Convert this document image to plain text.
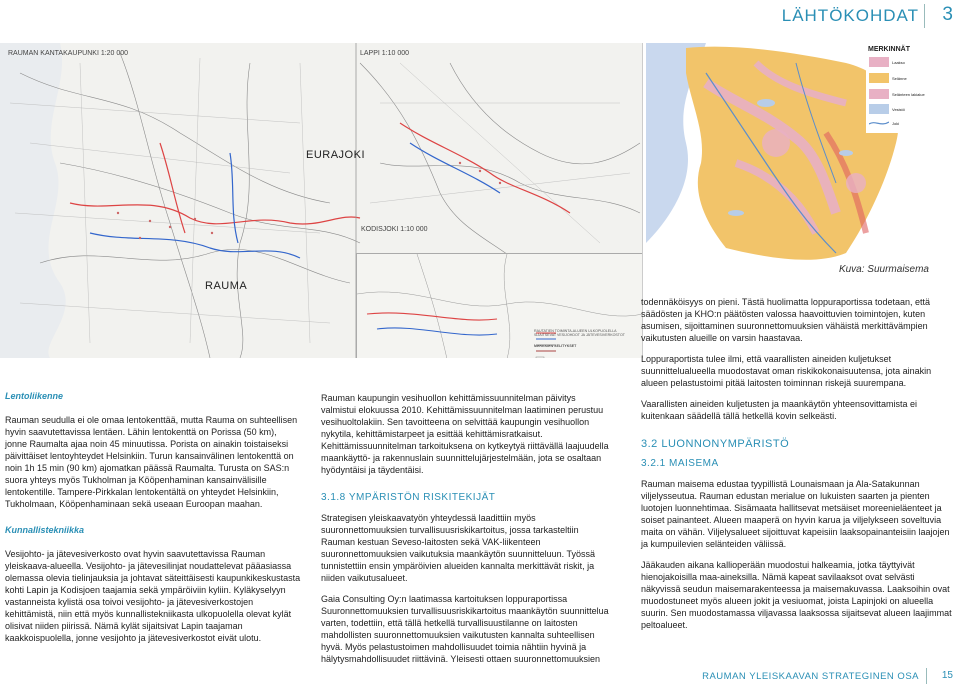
LÄHTÖKOHDAT 3
RAUMAN KANTAKAUPUNKI 1:20 000	LAPPI 1:10 000
EURAJOKI
KODISJOKI 1:10 000
RAUMA
RAUTATIEN TOIMINTA-ALUEEN ULKOPUOLELLA SIJAITSEVAT VESIJOHDOT JA JÄTEVESIVERKOSTOT
MERKKIEN SELITYKSET
MERKINNÄT
Laakso
Selänne
Selänteen lakialue
Vesistö
Joki
Kuva: Suurmaisema
Lentoliikenne

Rauman seudulla ei ole omaa lentokenttää, mutta Rauma on suhteellisen hyvin saavutettavissa lentäen. Lähin lentokenttä on Porissa (50 km), jonne Raumalta ajaa noin 45 minuutissa. Porista on ainakin toistaiseksi päivittäiset lentoyhteydet Helsinkiin. Turun kansainvälinen lentokenttä on noin 1h 15 min (90 km) ajomatkan päässä Raumalta. Turusta on SAS:n suora yhteys myös Tukholman ja Kööpenhaminan kansainvälisille lentokentille. Tampere-Pirkkalan lentokentältä on yhteydet Helsinkiin, Tukholmaan, Kööpenhaminaan sekä useaan Euroopan maahan.

Kunnallistekniikka

Vesijohto- ja jätevesiverkosto ovat hyvin saavutettavissa Rauman yleiskaava-alueella. Vesijohto- ja jätevesilinjat noudattelevat pääasiassa olemassa olevia tielinjauksia ja johtavat säteittäisesti kaupunkikeskustasta kohti Lapin ja Kodisjoen taajamia sekä ympäröiviin kyliin. Kyläkyselyyn vastanneista kylistä osa toivoi vesijohto- ja jätevesiverkostojen kehittämistä, niin että myös kunnallistekniikasta ulkopuolella olevat kylät olisivat niiden piirissä. Nämä kylät sijaitsivat Lapin taajaman kaakkoispuolella, jonne vesijohto ja jätevesiverkostot eivät ulotu.

Rauman kaupungin vesihuollon kehittämissuunnitelman päivitys valmistui elokuussa 2010. Kehittämissuunnitelman laatiminen perustuu vesihuoltolakiin. Sen tavoitteena on selvittää kaupungin vesihuollon nykytila, kehittämistarpeet ja esittää kehittämisratkaisut. Kehittämissuunnitelman tarkoituksena on kytkeytyä riittävällä laajuudella maankäyttö- ja rakennuslain suunnittelujärjestelmään, jota se osaltaan hyödyntäisi ja täydentäisi.

3.1.8 YMPÄRISTÖN RISKITEKIJÄT

Strategisen yleiskaavatyön yhteydessä laadittiin myös suuronnettomuuksien turvallisuusriskikartoitus, jossa tarkasteltiin Rauman kestuan Seveso-laitosten sekä VAK-liikenteen suuronnettomuuksien vaikutuksia maankäytön suunnitteluun. Työssä tunnistettiin ensin ympäröivien alueiden kannalta merkittävät riskit, ja niiden vaikutusalueet.

Gaia Consulting Oy:n laatimassa kartoituksen loppuraportissa Suuronnettomuuksien turvallisuusriskikartoitus maankäytön suunnittelua varten, todettiin, että tällä hetkellä turvallisuustilanne on laitosten mahdollisten suuronnettomuuksien vaikutusten kannalta suhteellisen hyvä. Myös pelastustoimen mahdollisuudet toimia nähtiin hyvinä ja hälytysmahdollisuudet riittävinä. Yleisesti ottaen suuronnettomuuksien

todennäköisyys on pieni. Tästä huolimatta loppuraportissa todetaan, että säädösten ja KHO:n päätösten valossa haavoittuvien toimintojen, kuten asumisen, sijoittaminen suuronnettomuuksien vähäistä merkittävämpien vaikutusten alueille on varsin haastavaa.

Loppuraportista tulee ilmi, että vaarallisten aineiden kuljetukset suunnittelualueella muodostavat oman riskikokonaisuutensa, jota ainakin alueen pelastustoimi pitää laitosten toiminnan riskejä suurempana.

Vaarallisten aineiden kuljetusten ja maankäytön yhteensovittamista ei kuitenkaan säädellä tällä hetkellä kovin selkeästi.

3.2 LUONNONYMPÄRISTÖ
3.2.1 MAISEMA

Rauman maisema edustaa tyypillistä Lounaismaan ja Ala-Satakunnan viljelysseutua. Rauman edustan merialue on lukuisten saarten ja pienten luotojen luonnehtimaa. Sisämaata hallitsevat metsäiset moreenieläenteet ja soiset painanteet. Alueen maaperä on hyvin karua ja viljelykseen soveltuvia maita on vähän. Viljelysalueet sijoittuvat kapeisiin laaksopainanteisiin laajojen ja kumpuilevien selänteiden väliissä.

Jääkauden aikana kallioperään muodostui halkeamia, jotka täyttyivät hienojakoisilla maa-aineksilla. Nämä kapeat savilaaksot ovat selvästi näkyvissä seudun maisemarakenteessa ja maisemakuvassa. Laaksoihin ovat muodostuneet myös alueen jokit ja vesiuomat, joista Lapinjoki on alueella suurin. Sen muodostamassa viljavassa laaksossa sijaitsevat alueen laajimmat peltoalueet.

RAUMAN YLEISKAAVAN STRATEGINEN OSA 15
